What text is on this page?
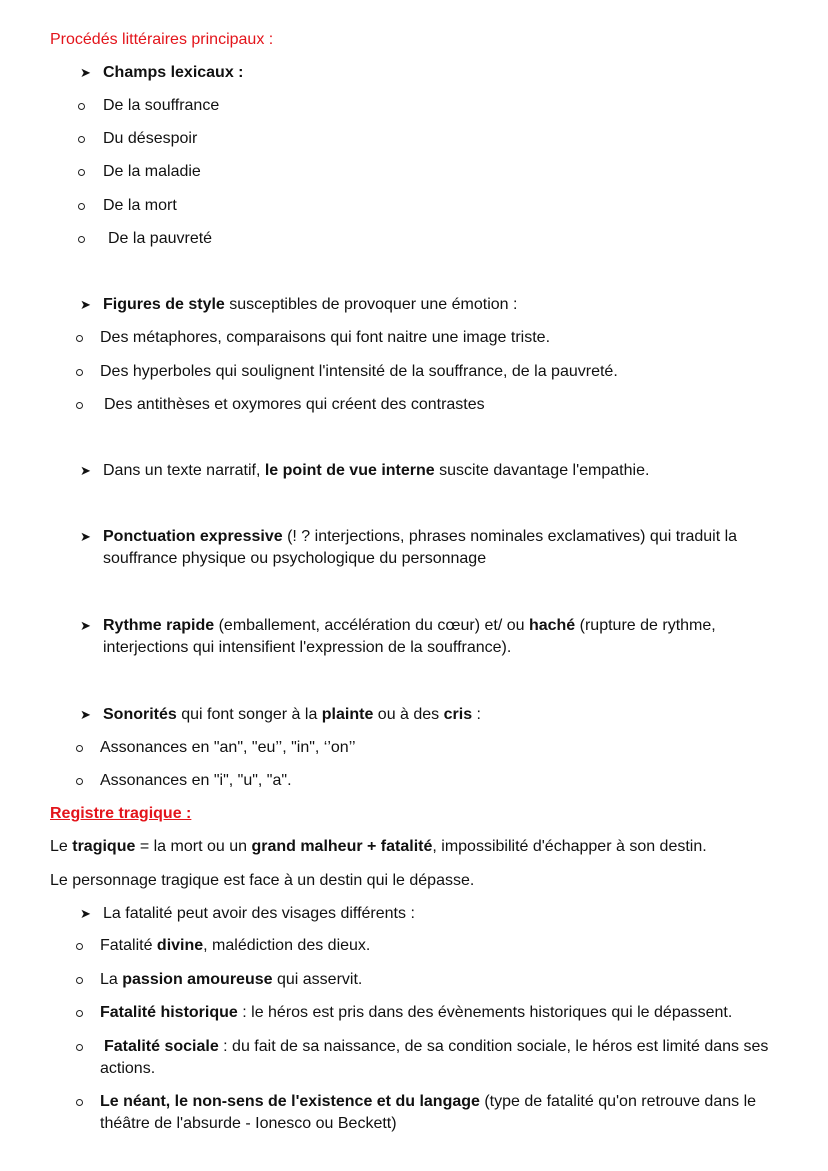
Procédés littéraires principaux :
➤ Champs lexicaux :
De la souffrance
Du désespoir
De la maladie
De la mort
De la pauvreté
➤ Figures de style susceptibles de provoquer une émotion :
Des métaphores, comparaisons qui font naitre une image triste.
Des hyperboles qui soulignent l'intensité de la souffrance, de la pauvreté.
Des antithèses et oxymores qui créent des contrastes
➤ Dans un texte narratif, le point de vue interne suscite davantage l'empathie.
➤ Ponctuation expressive (! ? interjections, phrases nominales exclamatives) qui traduit la souffrance physique ou psychologique du personnage
➤ Rythme rapide (emballement, accélération du cœur) et/ ou haché (rupture de rythme, interjections qui intensifient l'expression de la souffrance).
➤ Sonorités qui font songer à la plainte ou à des cris :
Assonances en "an", "eu’’, "in", ‘’on’’
Assonances en "i", "u", "a".
Registre tragique :
Le tragique = la mort ou un grand malheur + fatalité, impossibilité d'échapper à son destin.
Le personnage tragique est face à un destin qui le dépasse.
➤ La fatalité peut avoir des visages différents :
Fatalité divine, malédiction des dieux.
La passion amoureuse qui asservit.
Fatalité historique : le héros est pris dans des évènements historiques qui le dépassent.
Fatalité sociale : du fait de sa naissance, de sa condition sociale, le héros est limité dans ses actions.
Le néant, le non-sens de l'existence et du langage (type de fatalité qu'on retrouve dans le théâtre de l'absurde - Ionesco ou Beckett)
